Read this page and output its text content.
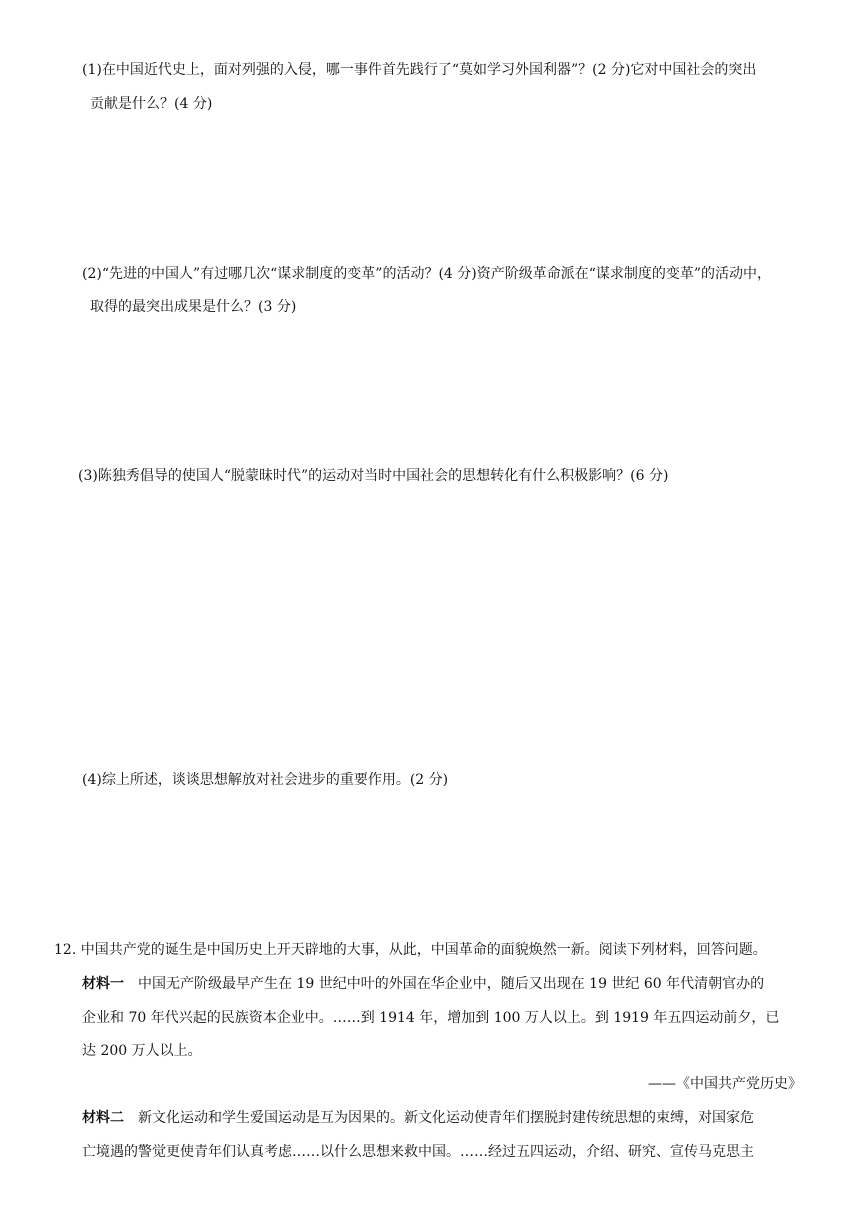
(1)在中国近代史上，面对列强的入侵，哪一事件首先践行了“莫如学习外国利器”？(2 分)它对中国社会的突出
贡献是什么？(4 分)
(2)“先进的中国人”有过哪几次“谋求制度的变革”的活动？(4 分)资产阶级革命派在“谋求制度的变革”的活动中，
取得的最突出成果是什么？(3 分)
(3)陈独秀倡导的使国人“脱蒙昧时代”的运动对当时中国社会的思想转化有什么积极影响？(6 分)
(4)综上所述，谈谈思想解放对社会进步的重要作用。(2 分)
12. 中国共产党的诞生是中国历史上开天辟地的大事，从此，中国革命的面貌焕然一新。阅读下列材料，回答问题。
材料一 中国无产阶级最早产生在 19 世纪中叶的外国在华企业中，随后又出现在 19 世纪 60 年代清朝官办的
企业和 70 年代兴起的民族资本企业中。……到 1914 年，增加到 100 万人以上。到 1919 年五四运动前夕，已
达 200 万人以上。
——《中国共产党历史》
材料二 新文化运动和学生爱国运动是互为因果的。新文化运动使青年们摆脱封建传统思想的束缚，对国家危
亡境遇的警觉更使青年们认真考虑……以什么思想来救中国。……经过五四运动，介绍、研究、宣传马克思主
